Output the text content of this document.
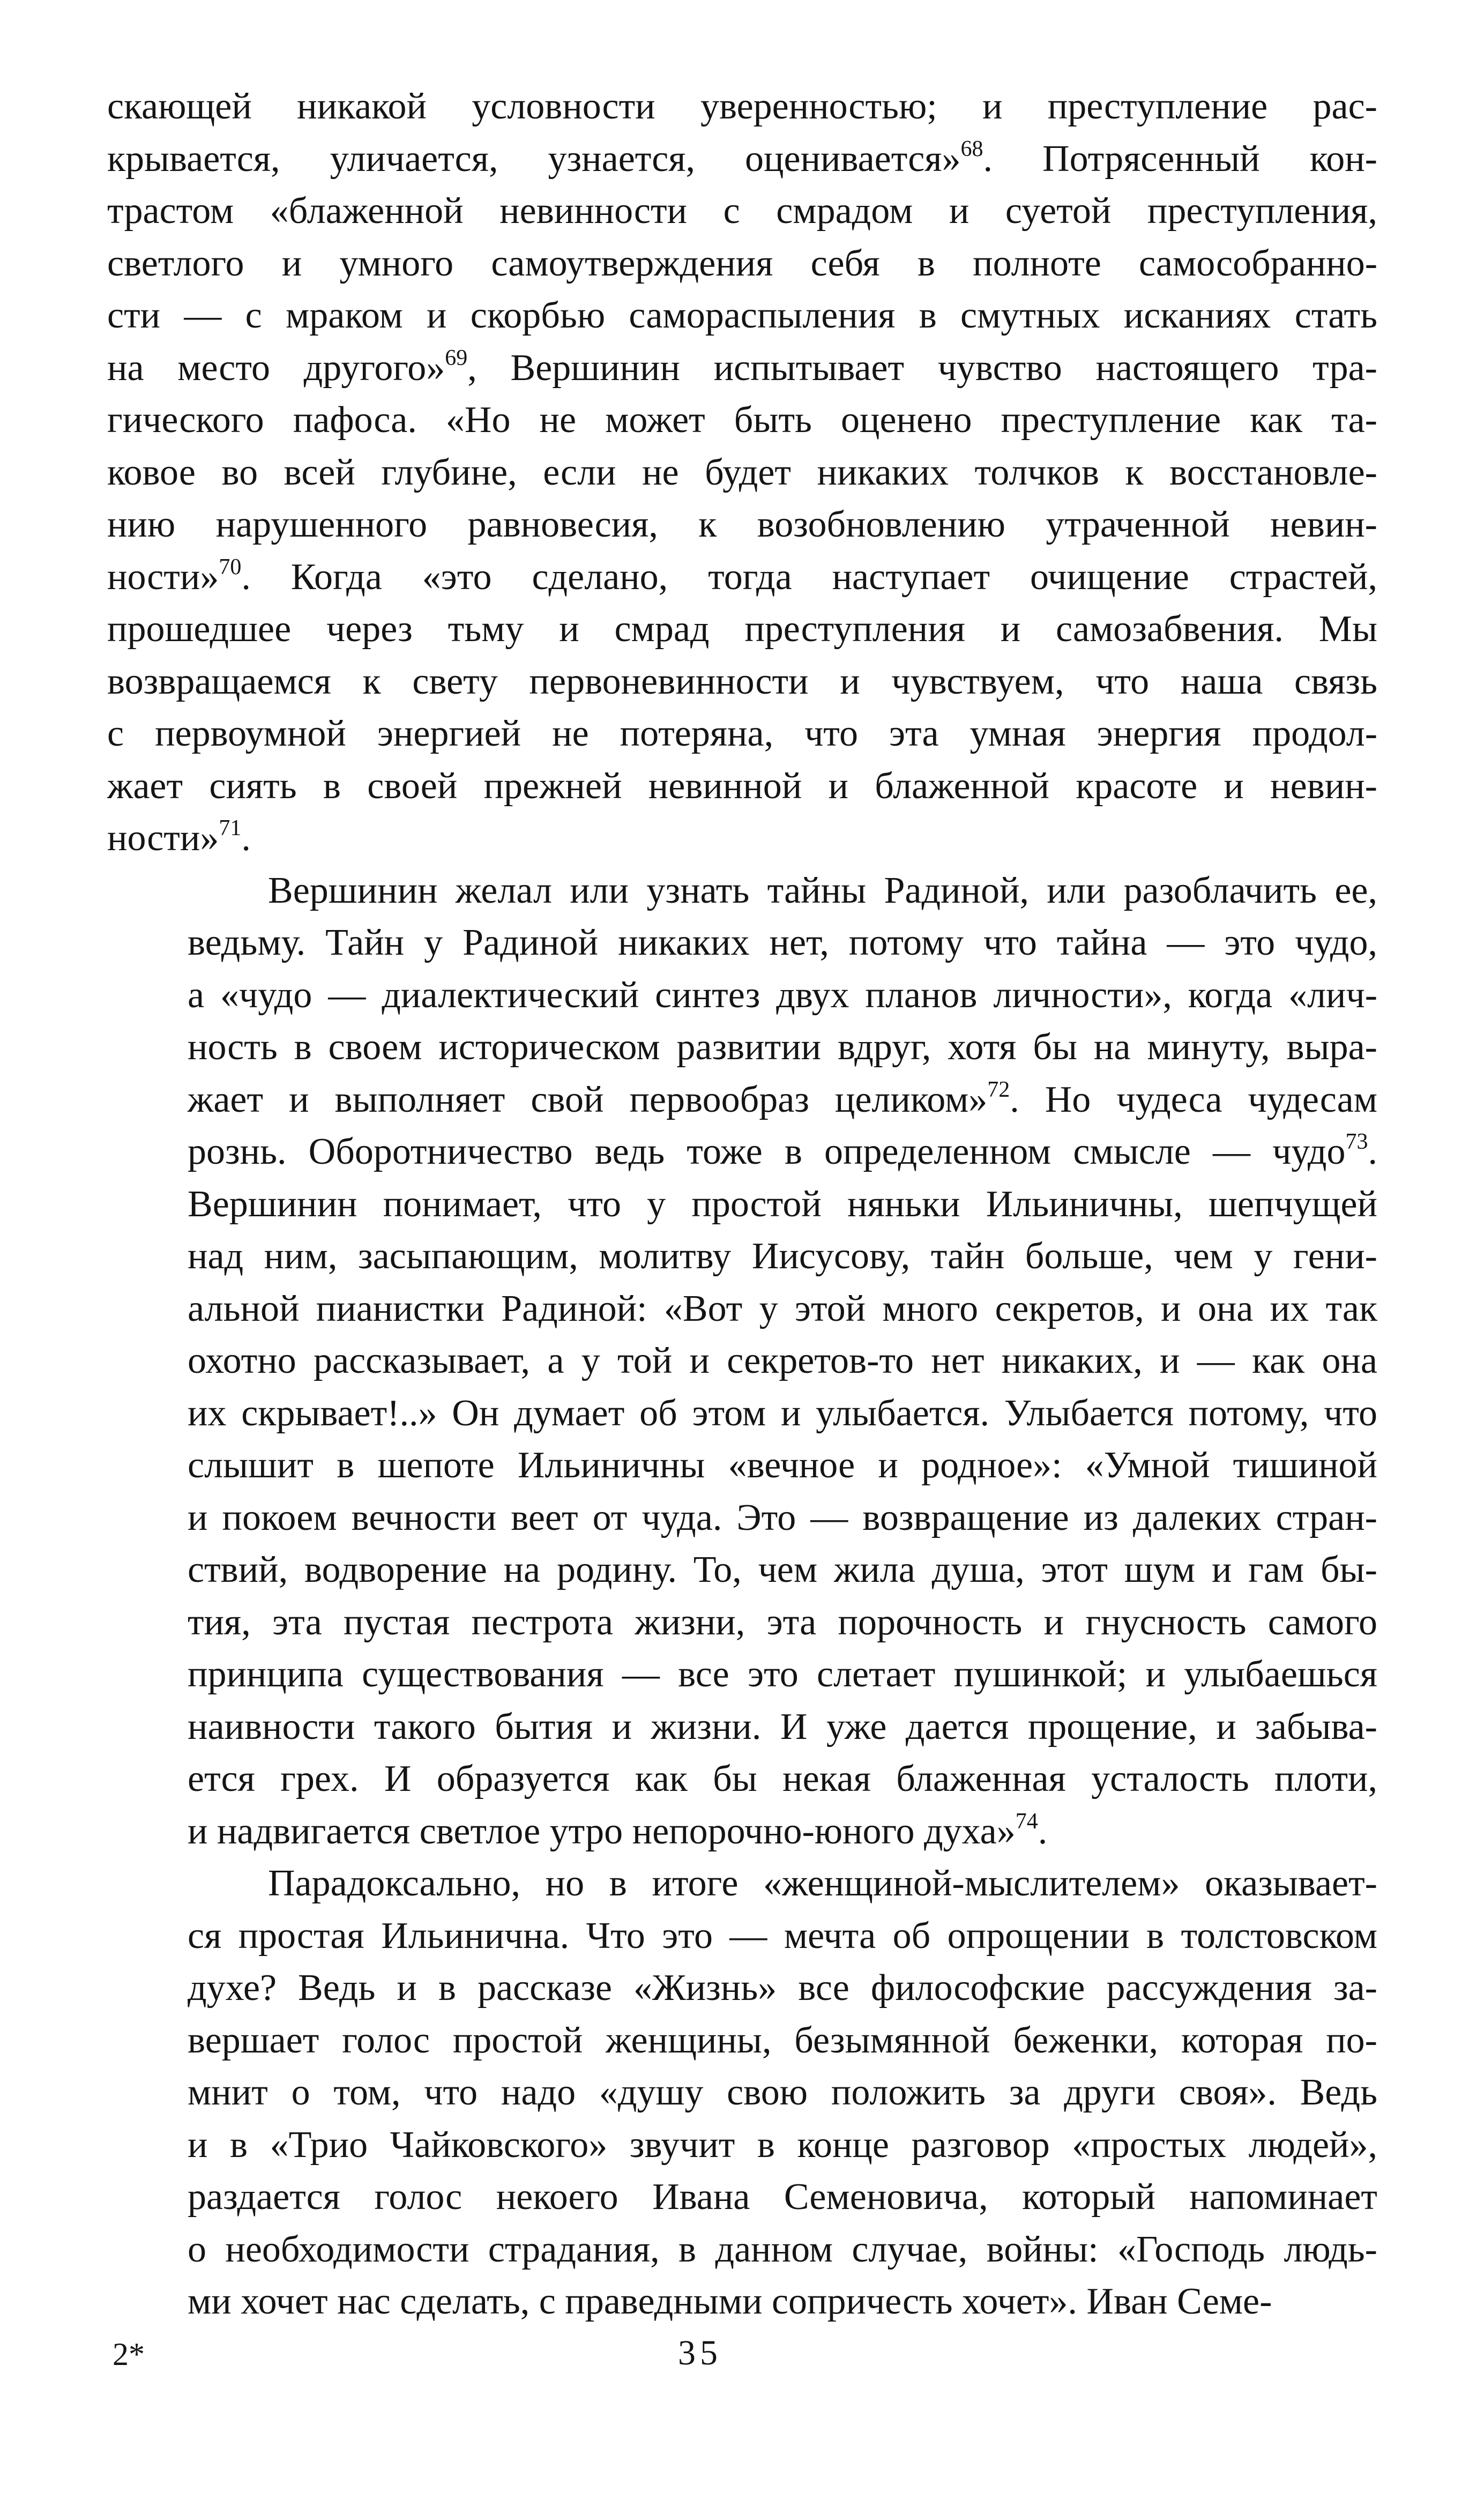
скающей никакой условности уверенностью; и преступление рас-
крывается, уличается, узнается, оценивается»$^{68}$. Потрясенный кон-
трастом «блаженной невинности с смрадом и суетой преступления,
светлого и умного самоутверждения себя в полноте самособранно-
сти — с мраком и скорбью самораспыления в смутных исканиях стать
на место другого»$^{69}$, Вершинин испытывает чувство настоящего тра-
гического пафоса. «Но не может быть оценено преступление как та-
ковое во всей глубине, если не будет никаких толчков к восстановле-
нию нарушенного равновесия, к возобновлению утраченной невин-
ности»$^{70}$. Когда «это сделано, тогда наступает очищение страстей,
прошедшее через тьму и смрад преступления и самозабвения. Мы
возвращаемся к свету первоневинности и чувствуем, что наша связь
с первоумной энергией не потеряна, что эта умная энергия продол-
жает сиять в своей прежней невинной и блаженной красоте и невин-
ности»$^{71}$.
Вершинин желал или узнать тайны Радиной, или разоблачить ее,
ведьму. Тайн у Радиной никаких нет, потому что тайна — это чудо,
а «чудо — диалектический синтез двух планов личности», когда «лич-
ность в своем историческом развитии вдруг, хотя бы на минуту, выра-
жает и выполняет свой первообраз целиком»$^{72}$. Но чудеса чудесам
рознь. Оборотничество ведь тоже в определенном смысле — чудо$^{73}$.
Вершинин понимает, что у простой няньки Ильиничны, шепчущей
над ним, засыпающим, молитву Иисусову, тайн больше, чем у гени-
альной пианистки Радиной: «Вот у этой много секретов, и она их так
охотно рассказывает, а у той и секретов-то нет никаких, и — как она
их скрывает!..» Он думает об этом и улыбается. Улыбается потому, что
слышит в шепоте Ильиничны «вечное и родное»: «Умной тишиной
и покоем вечности веет от чуда. Это — возвращение из далеких стран-
ствий, водворение на родину. То, чем жила душа, этот шум и гам бы-
тия, эта пустая пестрота жизни, эта порочность и гнусность самого
принципа существования — все это слетает пушинкой; и улыбаешься
наивности такого бытия и жизни. И уже дается прощение, и забыва-
ется грех. И образуется как бы некая блаженная усталость плоти,
и надвигается светлое утро непорочно-юного духа»$^{74}$.
Парадоксально, но в итоге «женщиной-мыслителем» оказывает-
ся простая Ильинична. Что это — мечта об опрощении в толстовском
духе? Ведь и в рассказе «Жизнь» все философские рассуждения за-
вершает голос простой женщины, безымянной беженки, которая по-
мнит о том, что надо «душу свою положить за други своя». Ведь
и в «Трио Чайковского» звучит в конце разговор «простых людей»,
раздается голос некоего Ивана Семеновича, который напоминает
о необходимости страдания, в данном случае, войны: «Господь людь-
ми хочет нас сделать, с праведными сопричесть хочет». Иван Семе-
2*	35
